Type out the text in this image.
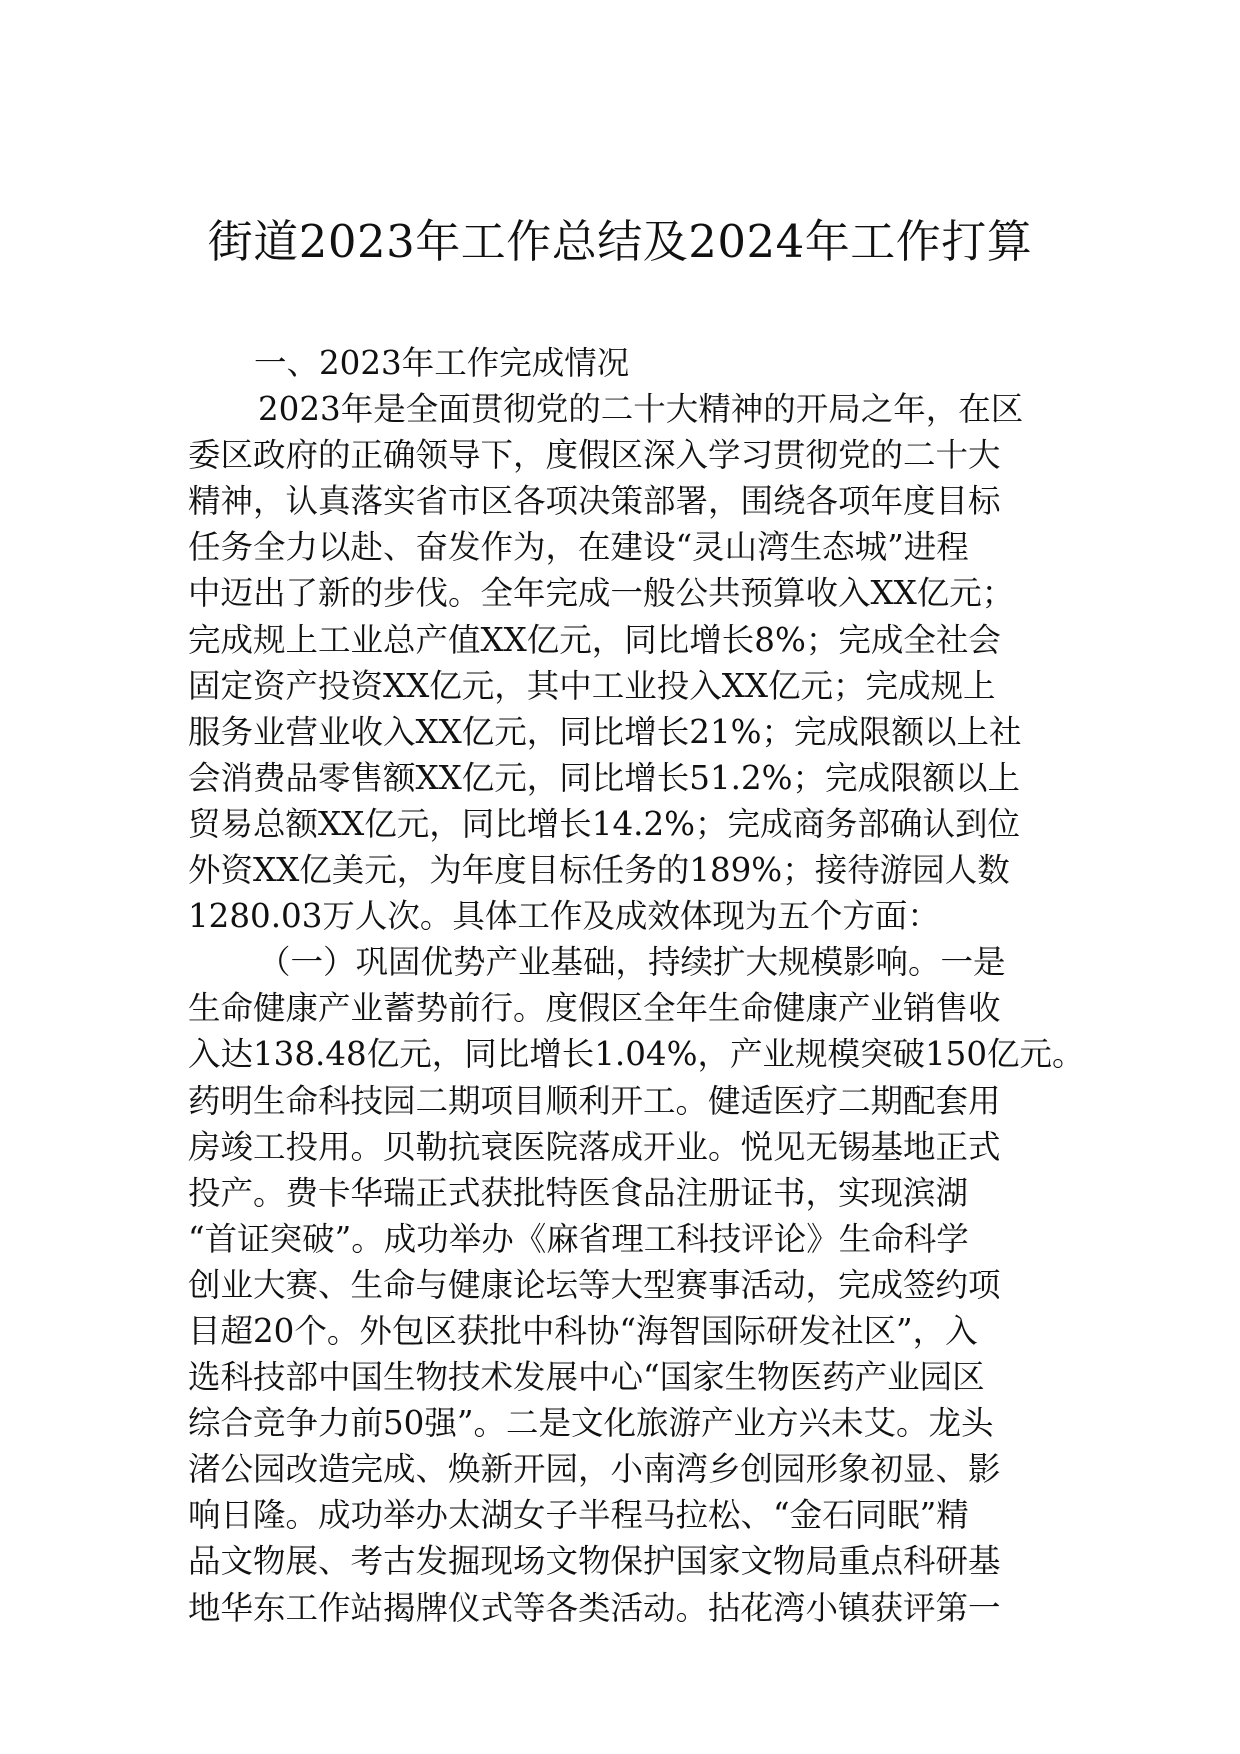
街道2023年工作总结及2024年工作打算
一、2023年工作完成情况
2023年是全面贯彻党的二十大精神的开局之年，在区
委区政府的正确领导下，度假区深入学习贯彻党的二十大
精神，认真落实省市区各项决策部署，围绕各项年度目标
任务全力以赴、奋发作为，在建设“灵山湾生态城”进程
中迈出了新的步伐。全年完成一般公共预算收入XX亿元；
完成规上工业总产值XX亿元，同比增长8%；完成全社会
固定资产投资XX亿元，其中工业投入XX亿元；完成规上
服务业营业收入XX亿元，同比增长21%；完成限额以上社
会消费品零售额XX亿元，同比增长51.2%；完成限额以上
贸易总额XX亿元，同比增长14.2%；完成商务部确认到位
外资XX亿美元，为年度目标任务的189%；接待游园人数
1280.03万人次。具体工作及成效体现为五个方面：
（一）巩固优势产业基础，持续扩大规模影响。一是
生命健康产业蓄势前行。度假区全年生命健康产业销售收
入达138.48亿元，同比增长1.04%，产业规模突破150亿元。
药明生命科技园二期项目顺利开工。健适医疗二期配套用
房竣工投用。贝勒抗衰医院落成开业。悦见无锡基地正式
投产。费卡华瑞正式获批特医食品注册证书，实现滨湖
“首证突破”。成功举办《麻省理工科技评论》生命科学
创业大赛、生命与健康论坛等大型赛事活动，完成签约项
目超20个。外包区获批中科协“海智国际研发社区”，入
选科技部中国生物技术发展中心“国家生物医药产业园区
综合竞争力前50强”。二是文化旅游产业方兴未艾。龙头
渚公园改造完成、焕新开园，小南湾乡创园形象初显、影
响日隆。成功举办太湖女子半程马拉松、“金石同眠”精
品文物展、考古发掘现场文物保护国家文物局重点科研基
地华东工作站揭牌仪式等各类活动。拈花湾小镇获评第一
